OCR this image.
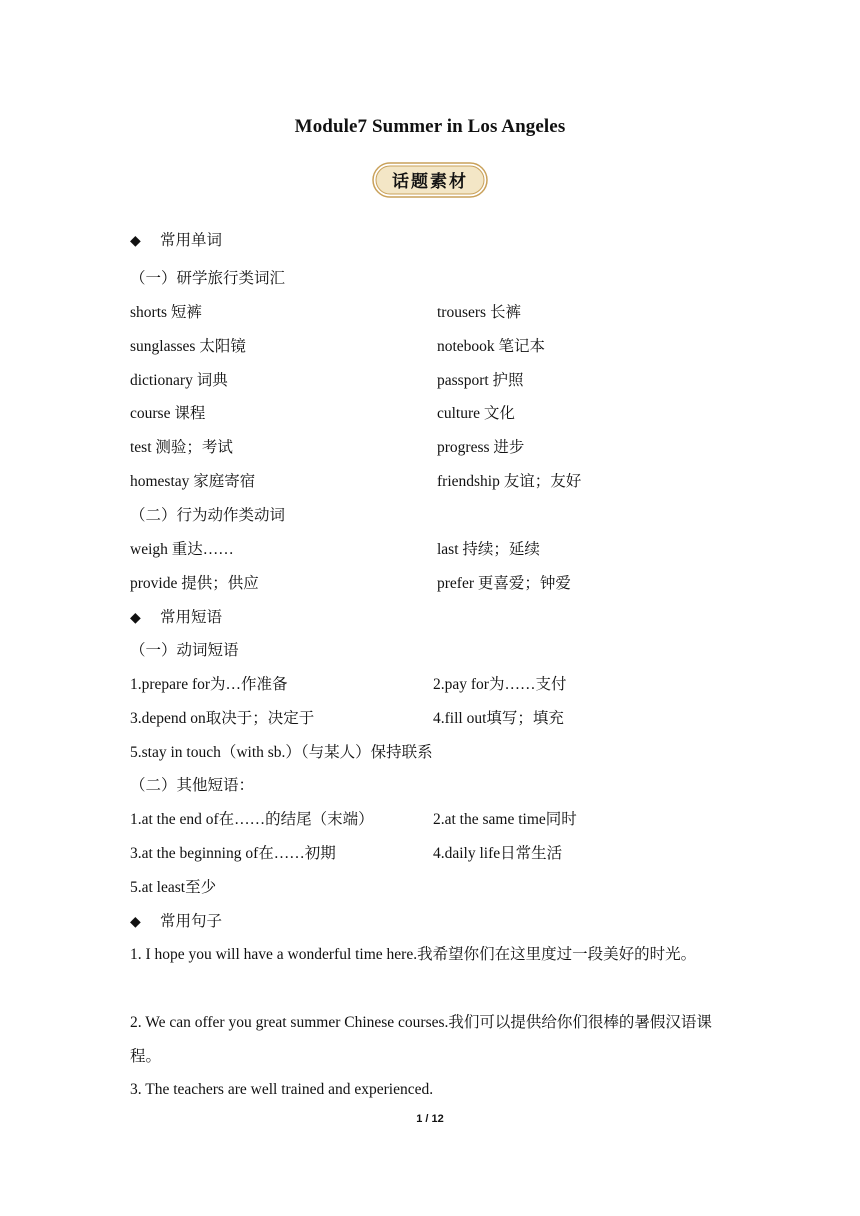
Module7 Summer in Los Angeles
话题素材
◆ 常用单词
（一）研学旅行类词汇
shorts 短裤	trousers 长裤
sunglasses 太阳镜	notebook 笔记本
dictionary 词典	passport 护照
course 课程	culture 文化
test 测验；考试	progress 进步
homestay 家庭寄宿	friendship 友谊；友好
（二）行为动作类动词
weigh 重达……	last 持续；延续
provide 提供；供应	prefer 更喜爱；钟爱
◆ 常用短语
（一）动词短语
1.prepare for为…作准备	2.pay for为……支付
3.depend on取决于；决定于	4.fill out填写；填充
5.stay in touch（with sb.）（与某人）保持联系
（二）其他短语：
1.at the end of在……的结尾（末端）	2.at the same time同时
3.at the beginning of在……初期	4.daily life日常生活
5.at least至少
◆ 常用句子
1. I hope you will have a wonderful time here.我希望你们在这里度过一段美好的时光。
2. We can offer you great summer Chinese courses.我们可以提供给你们很棒的暑假汉语课程。
3. The teachers are well trained and experienced.
1 / 12
